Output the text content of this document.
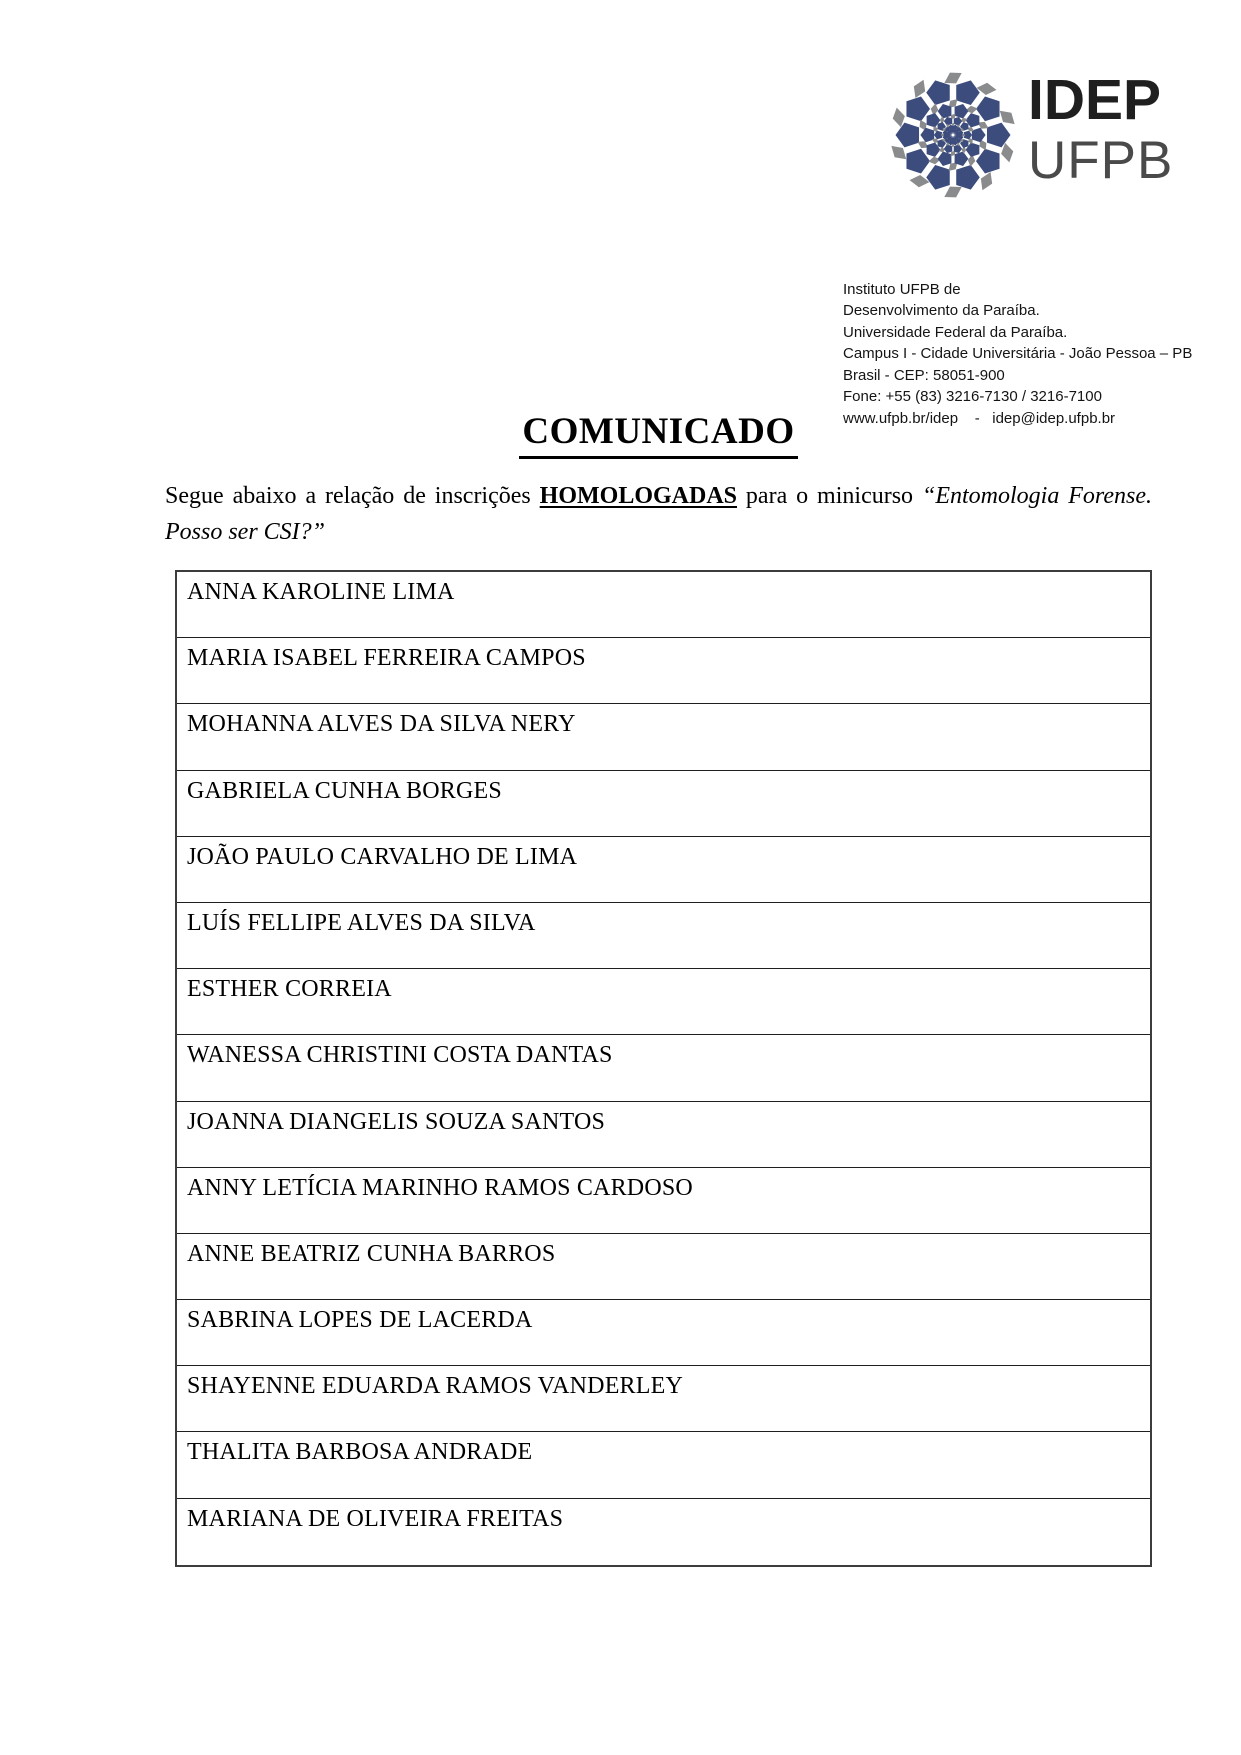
IDEP
UFPB

Instituto UFPB de
Desenvolvimento da Paraíba.
Universidade Federal da Paraíba.
Campus I - Cidade Universitária - João Pessoa – PB
Brasil - CEP: 58051-900
Fone: +55 (83) 3216-7130 / 3216-7100
www.ufpb.br/idep    -   idep@idep.ufpb.br
COMUNICADO

Segue abaixo a relação de inscrições HOMOLOGADAS para o minicurso “Entomologia Forense. Posso ser CSI?”

ANNA KAROLINE LIMA
MARIA ISABEL FERREIRA CAMPOS
MOHANNA ALVES DA SILVA NERY
GABRIELA CUNHA BORGES
JOÃO PAULO CARVALHO DE LIMA
LUÍS FELLIPE ALVES DA SILVA
ESTHER CORREIA
WANESSA CHRISTINI COSTA DANTAS
JOANNA DIANGELIS SOUZA SANTOS
ANNY LETÍCIA MARINHO RAMOS CARDOSO
ANNE BEATRIZ CUNHA BARROS
SABRINA LOPES DE LACERDA
SHAYENNE EDUARDA RAMOS VANDERLEY
THALITA BARBOSA ANDRADE
MARIANA DE OLIVEIRA FREITAS
